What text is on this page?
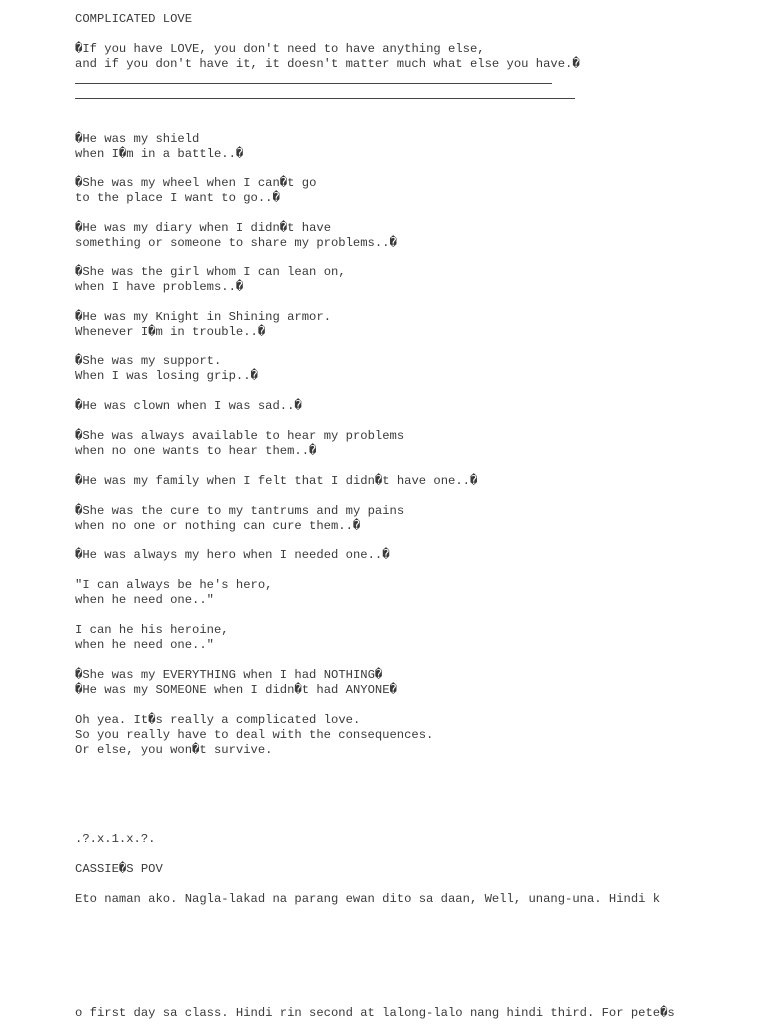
COMPLICATED LOVE
�If you have LOVE, you don't need to have anything else,
and if you don't have it, it doesn't matter much what else you have.�
�He was my shield
when I�m in a battle..�
�She was my wheel when I can�t go
to the place I want to go..�
�He was my diary when I didn�t have
something or someone to share my problems..�
�She was the girl whom I can lean on,
when I have problems..�
�He was my Knight in Shining armor.
Whenever I�m in trouble..�
�She was my support.
When I was losing grip..�
�He was clown when I was sad..�
�She was always available to hear my problems
when no one wants to hear them..�
�He was my family when I felt that I didn�t have one..�
�She was the cure to my tantrums and my pains
when no one or nothing can cure them..�
�He was always my hero when I needed one..�
"I can always be he's hero,
when he need one.."
I can he his heroine,
when he need one.."
�She was my EVERYTHING when I had NOTHING�
�He was my SOMEONE when I didn�t had ANYONE�
Oh yea. It�s really a complicated love.
So you really have to deal with the consequences.
Or else, you won�t survive.
.?.x.1.x.?.
CASSIE�S POV
Eto naman ako. Nagla-lakad na parang ewan dito sa daan, Well, unang-una. Hindi k
o first day sa class. Hindi rin second at lalong-lalo nang hindi third. For pete�s
